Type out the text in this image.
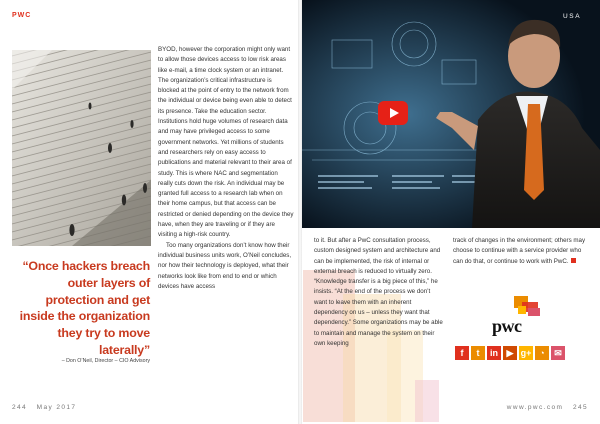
PWC
“Once hackers breach outer layers of protection and get inside the organization they try to move laterally”
– Don O’Neil, Director – CIO Advisory

BYOD, however the corporation might only want to allow those devices access to low risk areas like e-mail, a time clock system or an intranet. The organization’s critical infrastructure is blocked at the point of entry to the network from the individual or device being even able to detect its presence. Take the education sector. Institutions hold huge volumes of research data and may have privileged access to some government networks. Yet millions of students and researchers rely on easy access to publications and material relevant to their area of study. This is where NAC and segmentation really cuts down the risk. An individual may be granted full access to a research lab when on their home campus, but that access can be restricted or denied depending on the device they have, when they are traveling or if they are visiting a high-risk country.

Too many organizations don’t know how their individual business units work, O’Neil concludes, nor how their technology is deployed, what their networks look like from end to end or which devices have access

244 May 2017
USA
to it. But after a PwC consultation process, custom designed system and architecture and can be implemented, the risk of internal or external breach is reduced to virtually zero. “Knowledge transfer is a big piece of this,” he insists. “At the end of the process we don’t want to leave them with an inherent dependency on us – unless they want that dependency.” Some organizations may be able to maintain and manage the system on their own keeping
track of changes in the environment; others may choose to continue with a service provider who can do that, or continue to work with PwC.
pwc
f	t	in ▶ g+ ◔	✉
www.pwc.com 245
